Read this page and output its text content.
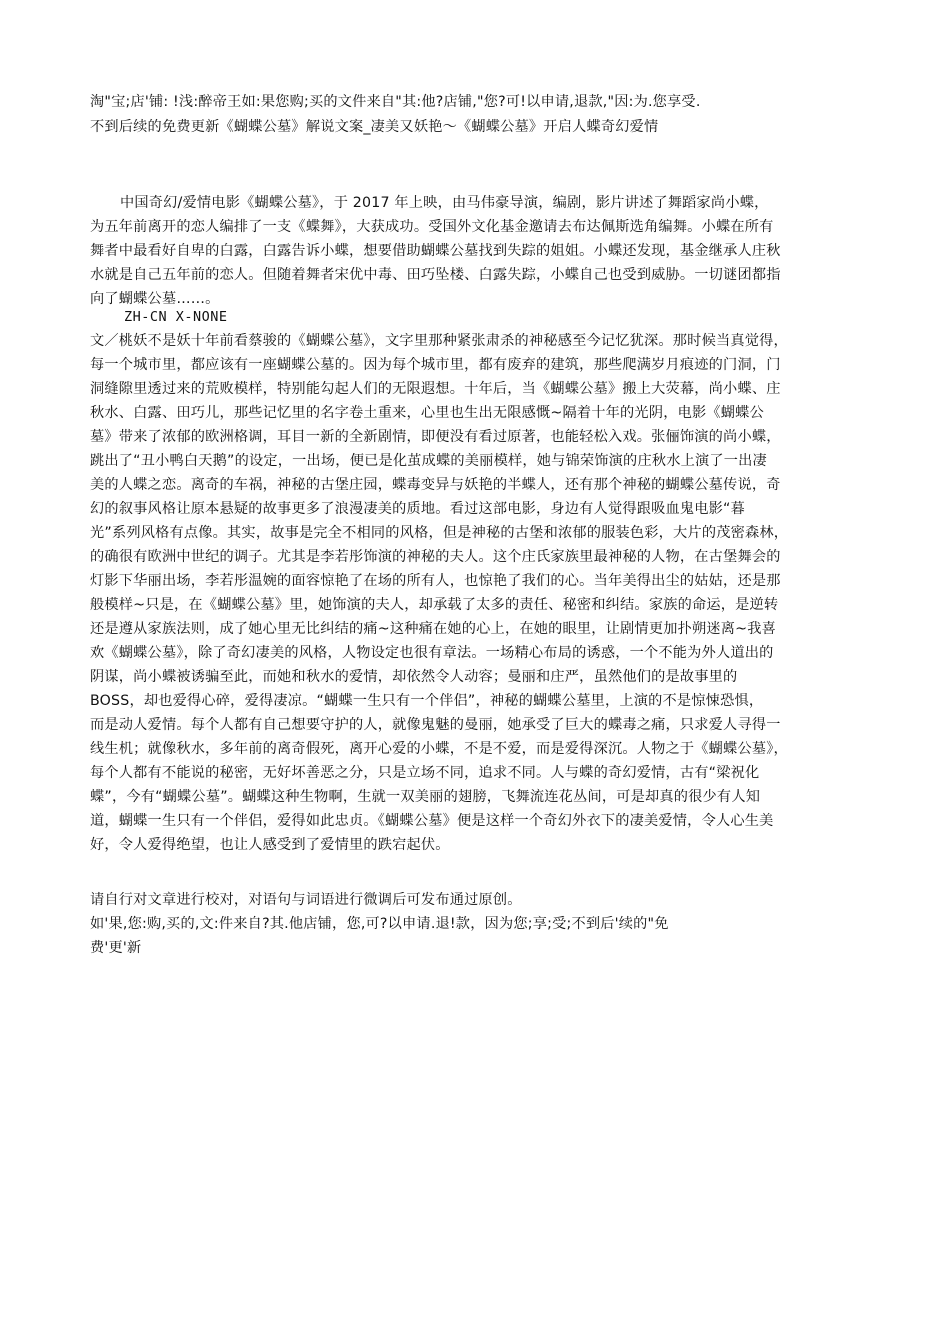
淘"宝;店'铺: !浅:醉帝王如:果您购;买的文件来自"其:他?店铺,"您?可!以申请,退款,"因:为.您享受.
不到后续的免费更新《蝴蝶公墓》解说文案_凄美又妖艳～《蝴蝶公墓》开启人蝶奇幻爱情
中国奇幻/爱情电影《蝴蝶公墓》，于 2017 年上映，由马伟豪导演，编剧，影片讲述了舞蹈家尚小蝶，
为五年前离开的恋人编排了一支《蝶舞》，大获成功。受国外文化基金邀请去布达佩斯选角编舞。小蝶在所有
舞者中最看好自卑的白露，白露告诉小蝶，想要借助蝴蝶公墓找到失踪的姐姐。小蝶还发现，基金继承人庄秋
水就是自己五年前的恋人。但随着舞者宋优中毒、田巧坠楼、白露失踪，小蝶自己也受到威胁。一切谜团都指
向了蝴蝶公墓……。
ZH-CN X-NONE
文／桃妖不是妖十年前看蔡骏的《蝴蝶公墓》，文字里那种紧张肃杀的神秘感至今记忆犹深。那时候当真觉得，
每一个城市里，都应该有一座蝴蝶公墓的。因为每个城市里，都有废弃的建筑，那些爬满岁月痕迹的门洞，门
洞缝隙里透过来的荒败模样，特别能勾起人们的无限遐想。十年后，当《蝴蝶公墓》搬上大荧幕，尚小蝶、庄
秋水、白露、田巧儿，那些记忆里的名字卷土重来，心里也生出无限感慨~隔着十年的光阴，电影《蝴蝶公
墓》带来了浓郁的欧洲格调，耳目一新的全新剧情，即便没有看过原著，也能轻松入戏。张俪饰演的尚小蝶，
跳出了“丑小鸭白天鹅”的设定，一出场，便已是化茧成蝶的美丽模样，她与锦荣饰演的庄秋水上演了一出凄
美的人蝶之恋。离奇的车祸，神秘的古堡庄园，蝶毒变异与妖艳的半蝶人，还有那个神秘的蝴蝶公墓传说，奇
幻的叙事风格让原本悬疑的故事更多了浪漫凄美的质地。看过这部电影，身边有人觉得跟吸血鬼电影“暮
光”系列风格有点像。其实，故事是完全不相同的风格，但是神秘的古堡和浓郁的服装色彩，大片的茂密森林，
的确很有欧洲中世纪的调子。尤其是李若彤饰演的神秘的夫人。这个庄氏家族里最神秘的人物，在古堡舞会的
灯影下华丽出场，李若彤温婉的面容惊艳了在场的所有人，也惊艳了我们的心。当年美得出尘的姑姑，还是那
般模样~只是，在《蝴蝶公墓》里，她饰演的夫人，却承载了太多的责任、秘密和纠结。家族的命运，是逆转
还是遵从家族法则，成了她心里无比纠结的痛~这种痛在她的心上，在她的眼里，让剧情更加扑朔迷离~我喜
欢《蝴蝶公墓》，除了奇幻凄美的风格，人物设定也很有章法。一场精心布局的诱惑，一个不能为外人道出的
阴谋，尚小蝶被诱骗至此，而她和秋水的爱情，却依然令人动容；曼丽和庄严，虽然他们的是故事里的
BOSS，却也爱得心碎，爱得凄凉。“蝴蝶一生只有一个伴侣”，神秘的蝴蝶公墓里，上演的不是惊悚恐惧，
而是动人爱情。每个人都有自己想要守护的人，就像鬼魅的曼丽，她承受了巨大的蝶毒之痛，只求爱人寻得一
线生机；就像秋水，多年前的离奇假死，离开心爱的小蝶，不是不爱，而是爱得深沉。人物之于《蝴蝶公墓》，
每个人都有不能说的秘密，无好坏善恶之分，只是立场不同，追求不同。人与蝶的奇幻爱情，古有“梁祝化
蝶”，今有“蝴蝶公墓”。蝴蝶这种生物啊，生就一双美丽的翅膀，飞舞流连花丛间，可是却真的很少有人知
道，蝴蝶一生只有一个伴侣，爱得如此忠贞。《蝴蝶公墓》便是这样一个奇幻外衣下的凄美爱情，令人心生美
好，令人爱得绝望，也让人感受到了爱情里的跌宕起伏。
请自行对文章进行校对，对语句与词语进行微调后可发布通过原创。
如'果,您:购,买的,文:件来自?其.他店铺，您,可?以申请.退!款，因为您;享;受;不到后'续的"免
费'更'新
